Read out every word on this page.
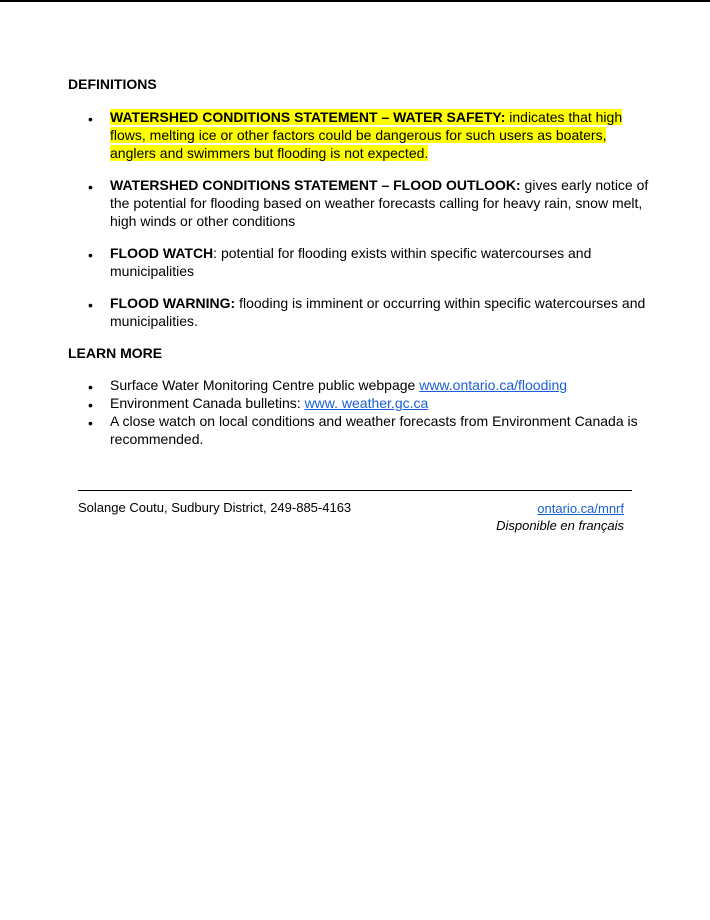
DEFINITIONS
• WATERSHED CONDITIONS STATEMENT – WATER SAFETY: indicates that high flows, melting ice or other factors could be dangerous for such users as boaters, anglers and swimmers but flooding is not expected.
• WATERSHED CONDITIONS STATEMENT – FLOOD OUTLOOK: gives early notice of the potential for flooding based on weather forecasts calling for heavy rain, snow melt, high winds or other conditions
• FLOOD WATCH: potential for flooding exists within specific watercourses and municipalities
• FLOOD WARNING: flooding is imminent or occurring within specific watercourses and municipalities.
LEARN MORE
• Surface Water Monitoring Centre public webpage www.ontario.ca/flooding
• Environment Canada bulletins: www. weather.gc.ca
• A close watch on local conditions and weather forecasts from Environment Canada is recommended.
Solange Coutu, Sudbury District, 249-885-4163	ontario.ca/mnrf
Disponible en français
